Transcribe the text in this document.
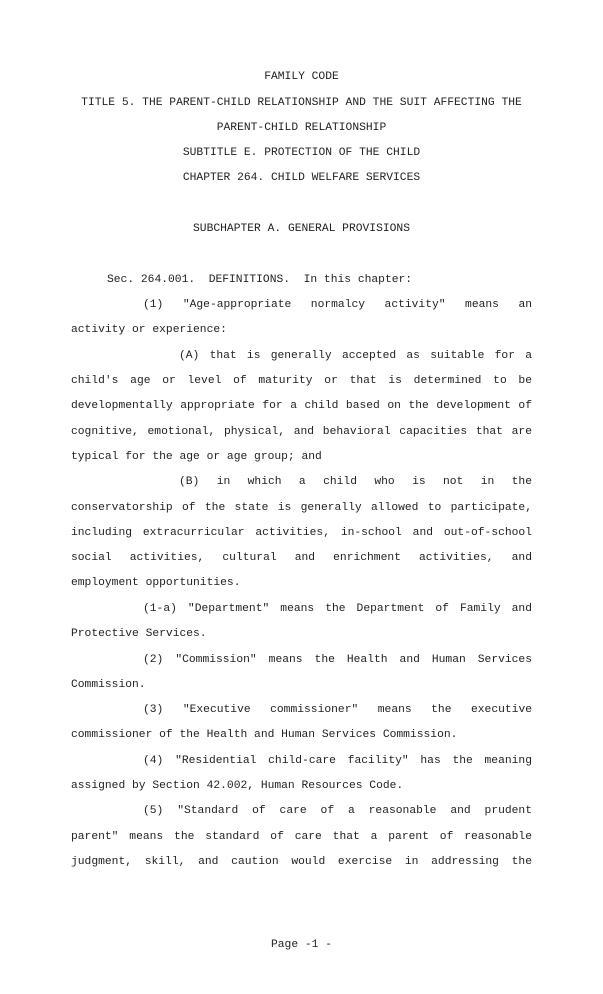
FAMILY CODE
TITLE 5. THE PARENT-CHILD RELATIONSHIP AND THE SUIT AFFECTING THE
PARENT-CHILD RELATIONSHIP
SUBTITLE E. PROTECTION OF THE CHILD
CHAPTER 264. CHILD WELFARE SERVICES
SUBCHAPTER A. GENERAL PROVISIONS
Sec. 264.001.  DEFINITIONS.  In this chapter:
(1) "Age-appropriate normalcy activity" means an
activity or experience:
(A) that is generally accepted as suitable for a
child's age or level of maturity or that is determined to be
developmentally appropriate for a child based on the development of
cognitive, emotional, physical, and behavioral capacities that are
typical for the age or age group; and
(B) in which a child who is not in the
conservatorship of the state is generally allowed to participate,
including extracurricular activities, in-school and out-of-school
social activities, cultural and enrichment activities, and
employment opportunities.
(1-a) "Department" means the Department of Family and
Protective Services.
(2) "Commission" means the Health and Human Services
Commission.
(3) "Executive commissioner" means the executive
commissioner of the Health and Human Services Commission.
(4) "Residential child-care facility" has the meaning
assigned by Section 42.002, Human Resources Code.
(5) "Standard of care of a reasonable and prudent
parent" means the standard of care that a parent of reasonable
judgment, skill, and caution would exercise in addressing the
Page -1 -
